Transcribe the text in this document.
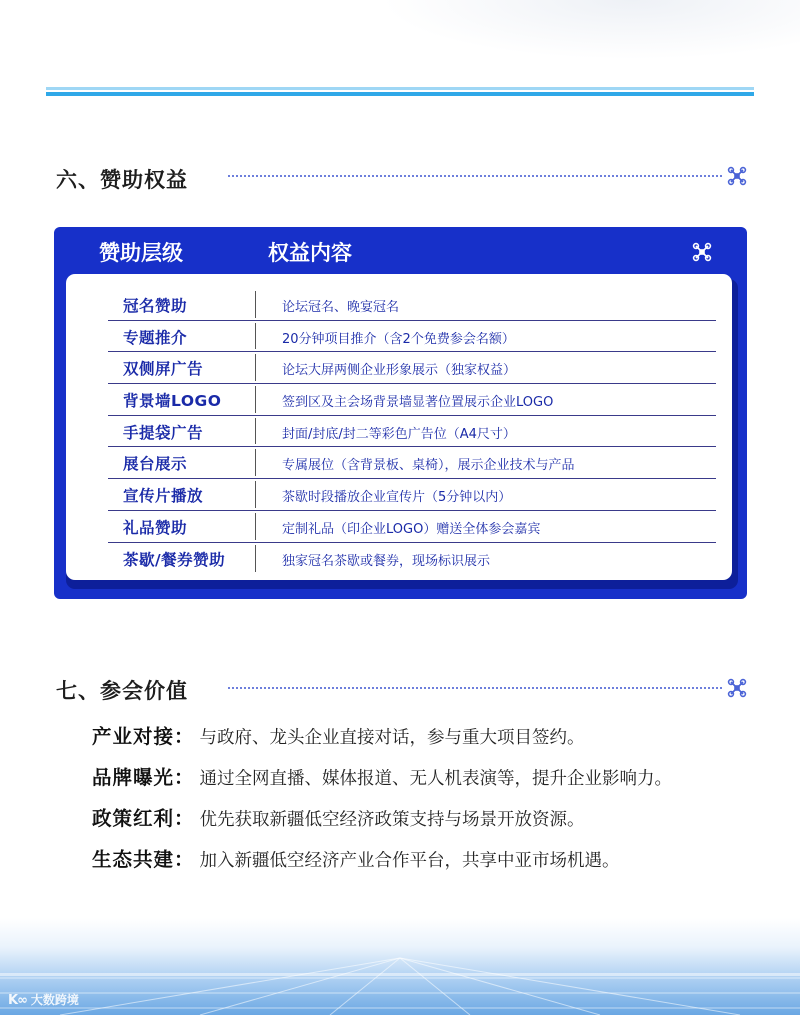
六、赞助权益
赞助层级	权益内容
冠名赞助	论坛冠名、晚宴冠名
专题推介	20分钟项目推介（含2个免费参会名额）
双侧屏广告	论坛大屏两侧企业形象展示（独家权益）
背景墙LOGO	签到区及主会场背景墙显著位置展示企业LOGO
手提袋广告	封面/封底/封二等彩色广告位（A4尺寸）
展台展示	专属展位（含背景板、桌椅），展示企业技术与产品
宣传片播放	茶歇时段播放企业宣传片（5分钟以内）
礼品赞助	定制礼品（印企业LOGO）赠送全体参会嘉宾
茶歇/餐券赞助	独家冠名茶歇或餐券，现场标识展示
七、参会价值
产业对接： 与政府、龙头企业直接对话，参与重大项目签约。
品牌曝光： 通过全网直播、媒体报道、无人机表演等，提升企业影响力。
政策红利： 优先获取新疆低空经济政策支持与场景开放资源。
生态共建： 加入新疆低空经济产业合作平台，共享中亚市场机遇。
K∞ 大数跨境
